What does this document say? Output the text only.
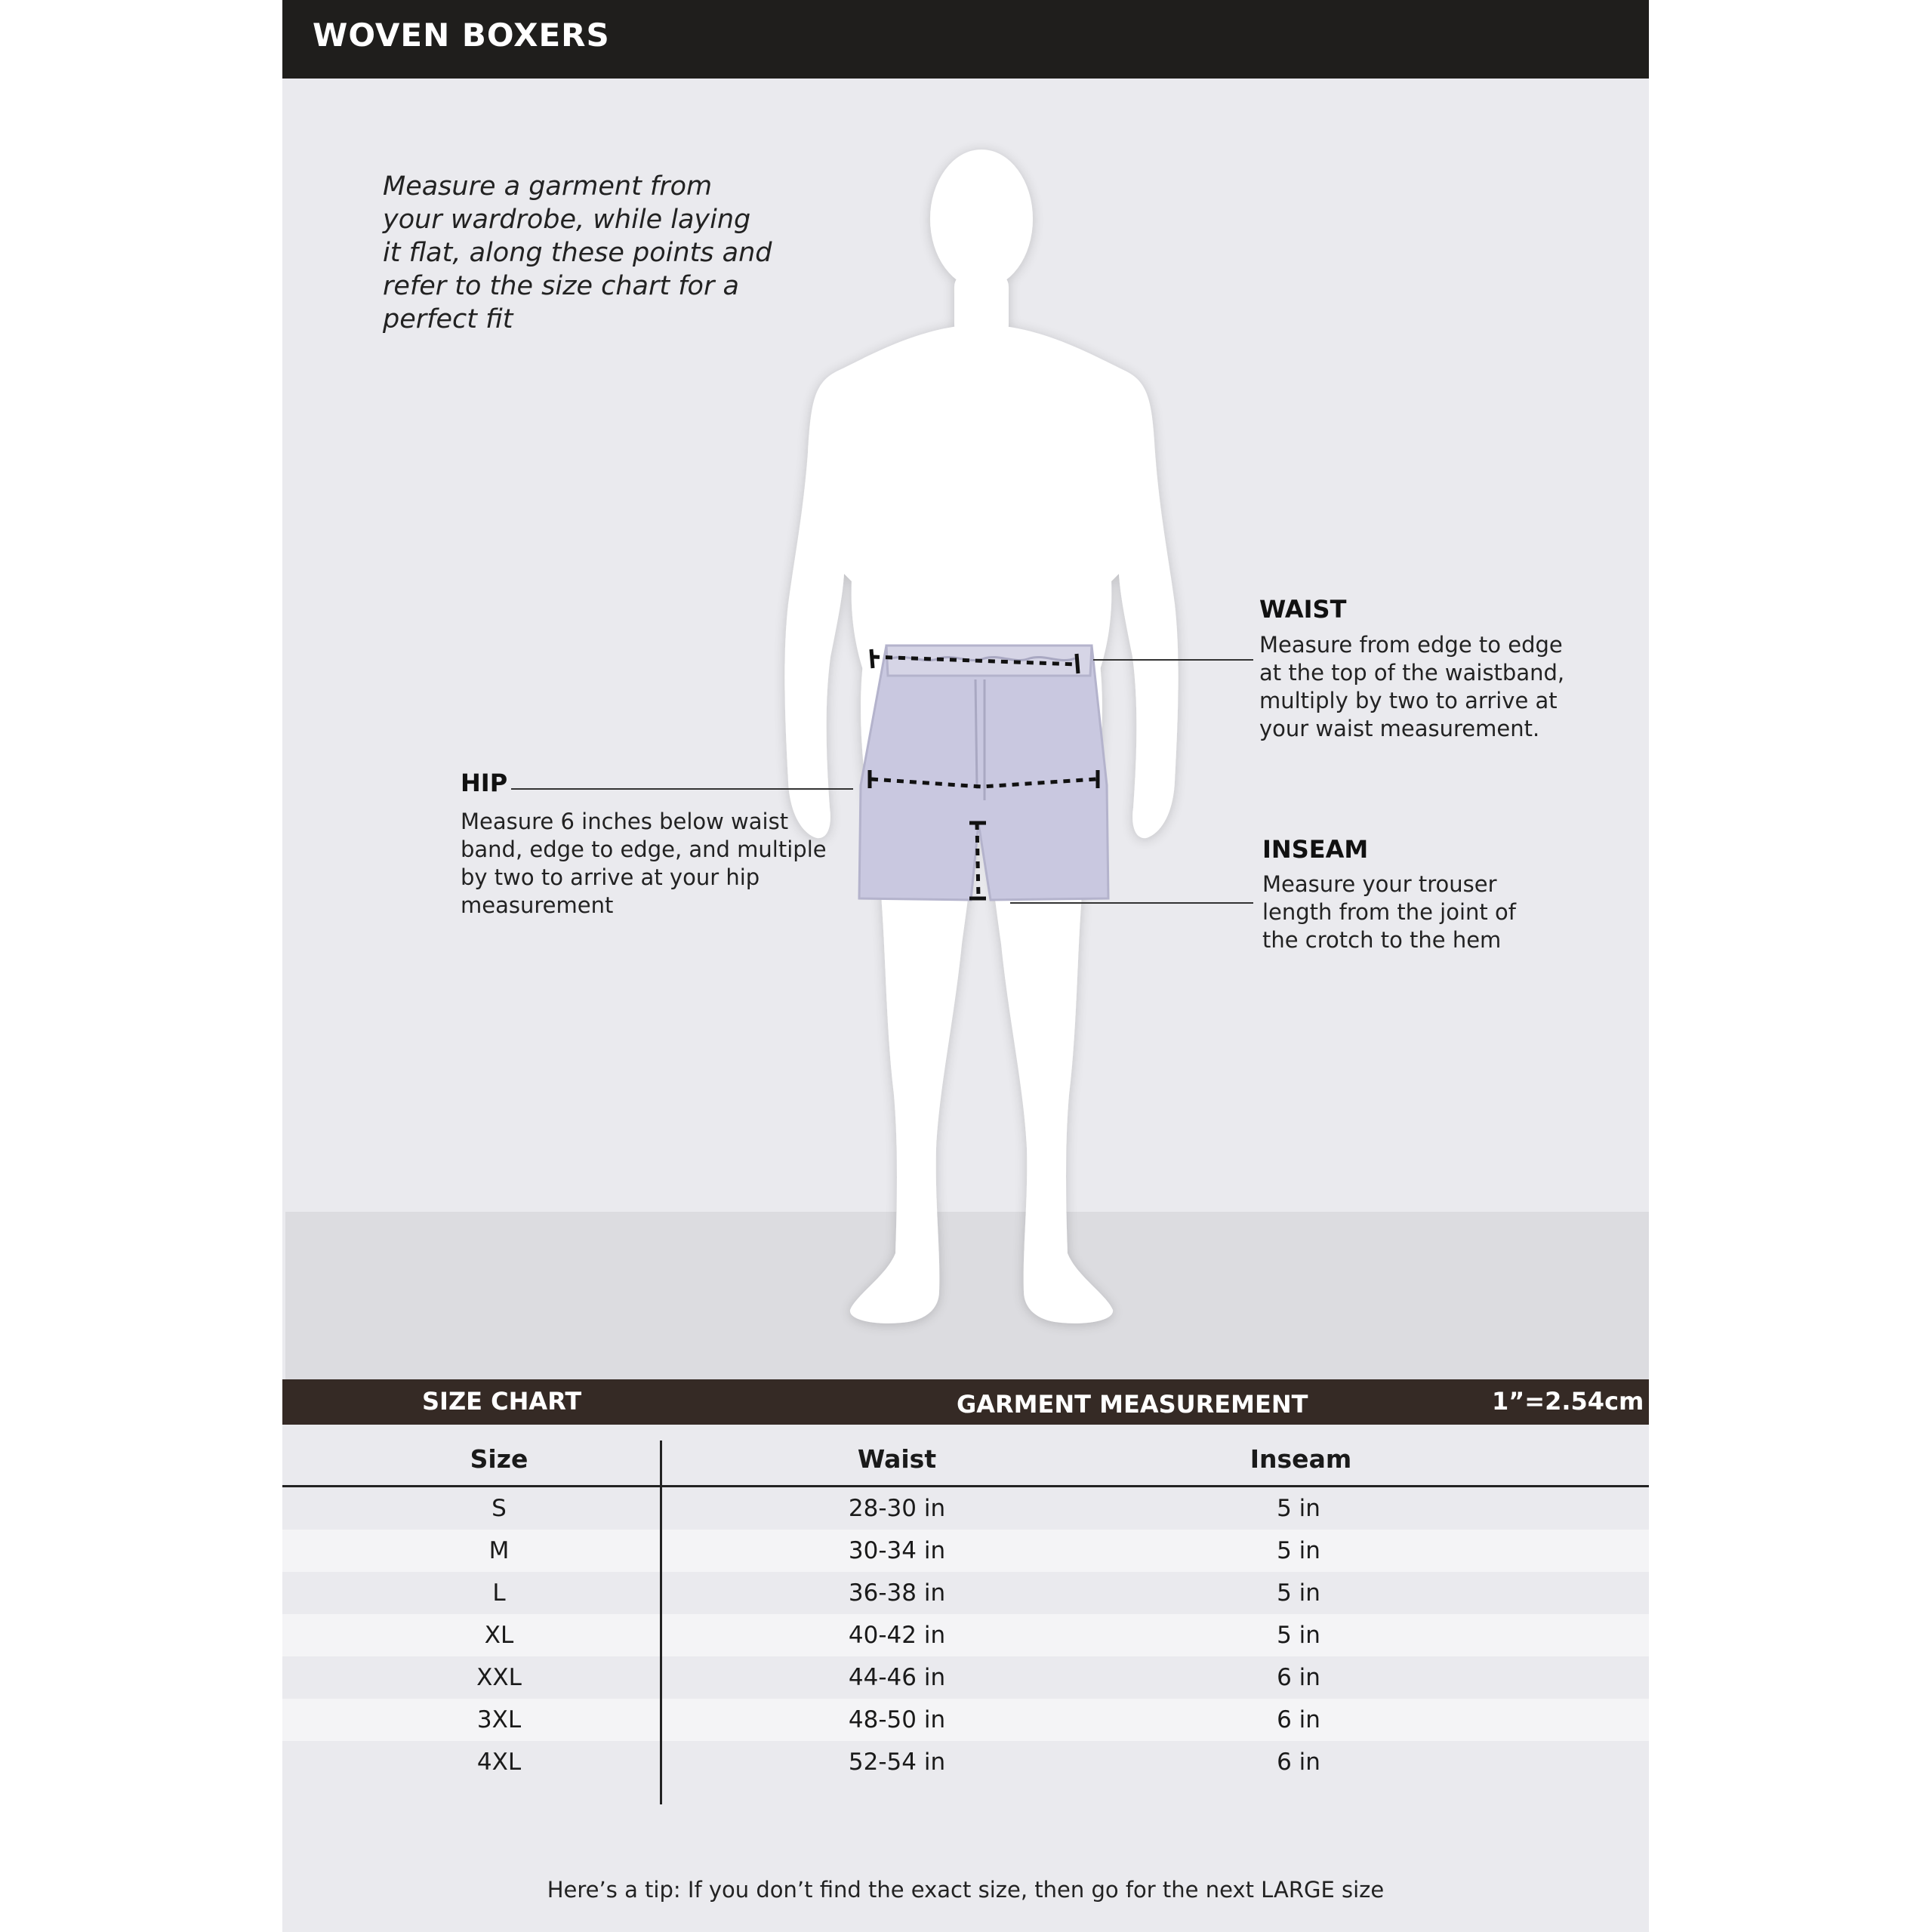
WOVEN BOXERS
Measure a garment from your wardrobe, while laying it flat, along these points and refer to the size chart for a perfect fit
WAIST
Measure from edge to edge at the top of the waistband, multiply by two to arrive at your waist measurement.
HIP
Measure 6 inches below waist band, edge to edge, and multiple by two to arrive at your hip measurement
INSEAM
Measure your trouser length from the joint of the crotch to the hem
SIZE CHART	GARMENT MEASUREMENT	1”=2.54cm
Size	Waist	Inseam
S	28-30 in	5 in
M	30-34 in	5 in
L	36-38 in	5 in
XL	40-42 in	5 in
XXL	44-46 in	6 in
3XL	48-50 in	6 in
4XL	52-54 in	6 in
Here’s a tip: If you don’t find the exact size, then go for the next LARGE size
